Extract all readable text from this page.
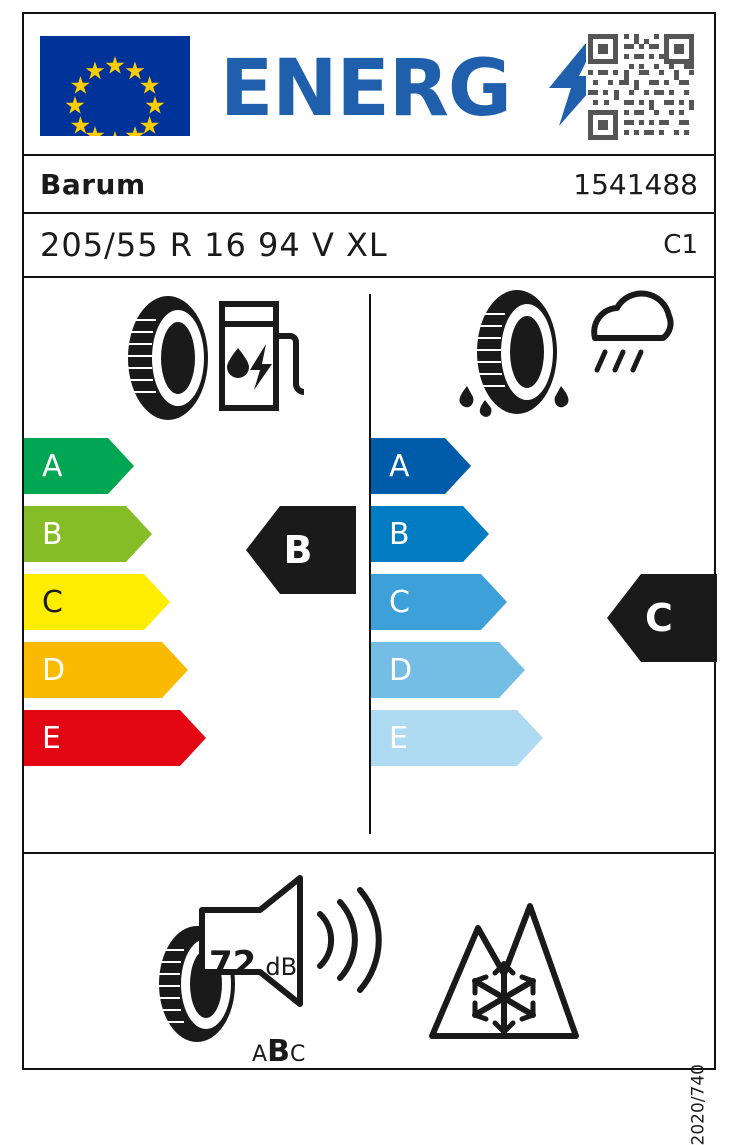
ENERG
Barum	1541488
205/55 R 16 94 V XL	C1
A
B
C
D
E
B
A
B
C
D
E
C
72 dB
ABC
2020/740
